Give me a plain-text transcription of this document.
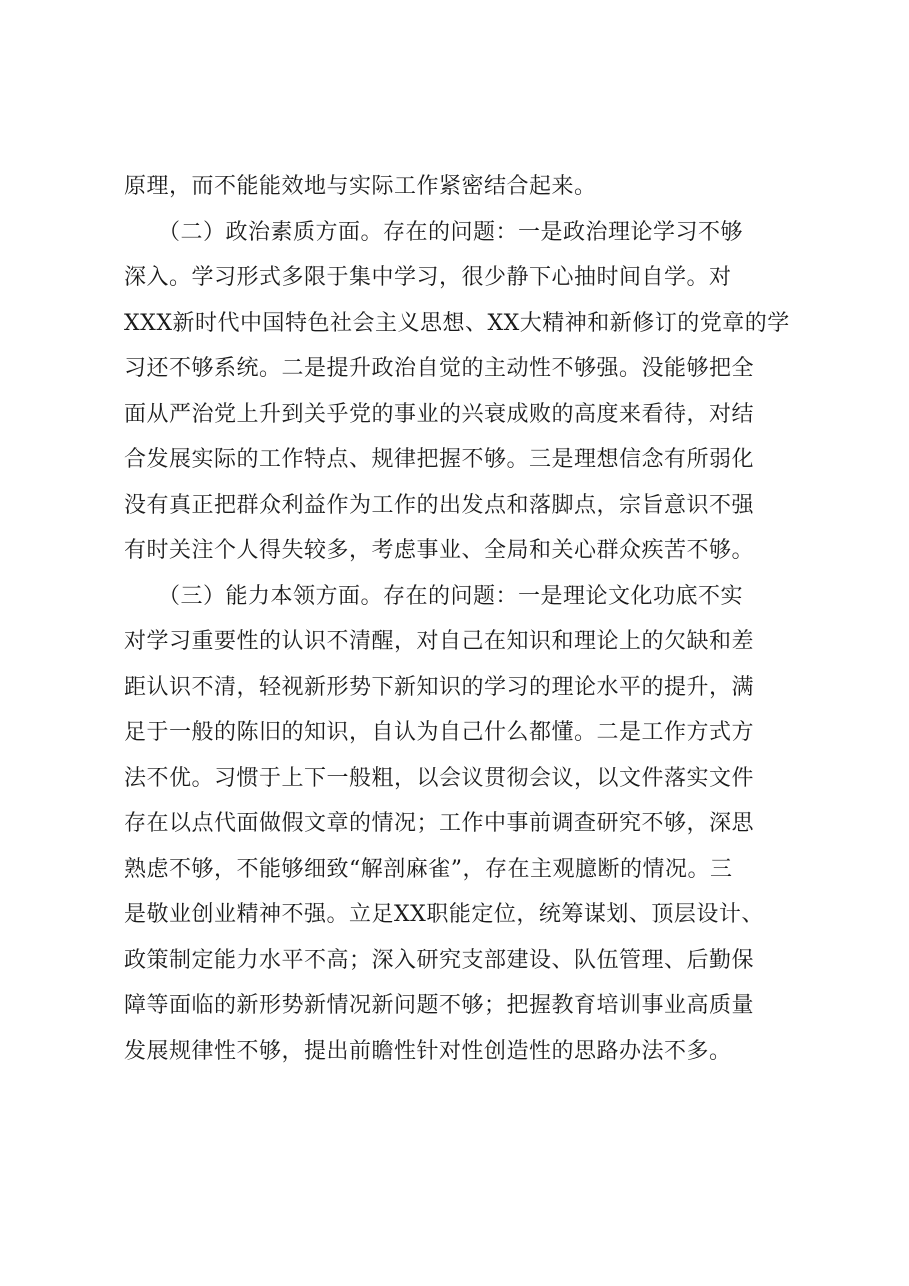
原理，而不能能效地与实际工作紧密结合起来。
　　（二）政治素质方面。存在的问题：一是政治理论学习不够
深入。学习形式多限于集中学习，很少静下心抽时间自学。对
XXX新时代中国特色社会主义思想、XX大精神和新修订的党章的学
习还不够系统。二是提升政治自觉的主动性不够强。没能够把全
面从严治党上升到关乎党的事业的兴衰成败的高度来看待，对结
合发展实际的工作特点、规律把握不够。三是理想信念有所弱化
没有真正把群众利益作为工作的出发点和落脚点，宗旨意识不强
有时关注个人得失较多，考虑事业、全局和关心群众疾苦不够。
　　（三）能力本领方面。存在的问题：一是理论文化功底不实
对学习重要性的认识不清醒，对自己在知识和理论上的欠缺和差
距认识不清，轻视新形势下新知识的学习的理论水平的提升，满
足于一般的陈旧的知识，自认为自己什么都懂。二是工作方式方
法不优。习惯于上下一般粗，以会议贯彻会议，以文件落实文件
存在以点代面做假文章的情况；工作中事前调查研究不够，深思
熟虑不够，不能够细致“解剖麻雀”，存在主观臆断的情况。三
是敬业创业精神不强。立足XX职能定位，统筹谋划、顶层设计、
政策制定能力水平不高；深入研究支部建设、队伍管理、后勤保
障等面临的新形势新情况新问题不够；把握教育培训事业高质量
发展规律性不够，提出前瞻性针对性创造性的思路办法不多。
